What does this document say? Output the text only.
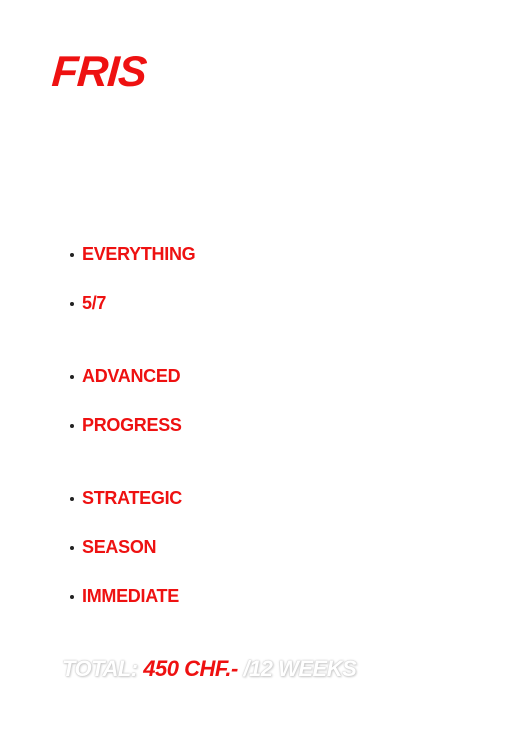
FRIS
EVERYTHING
5/7
ADVANCED
PROGRESS
STRATEGIC
SEASON
IMMEDIATE
TOTAL: 450 CHF.- /12 WEEKS
